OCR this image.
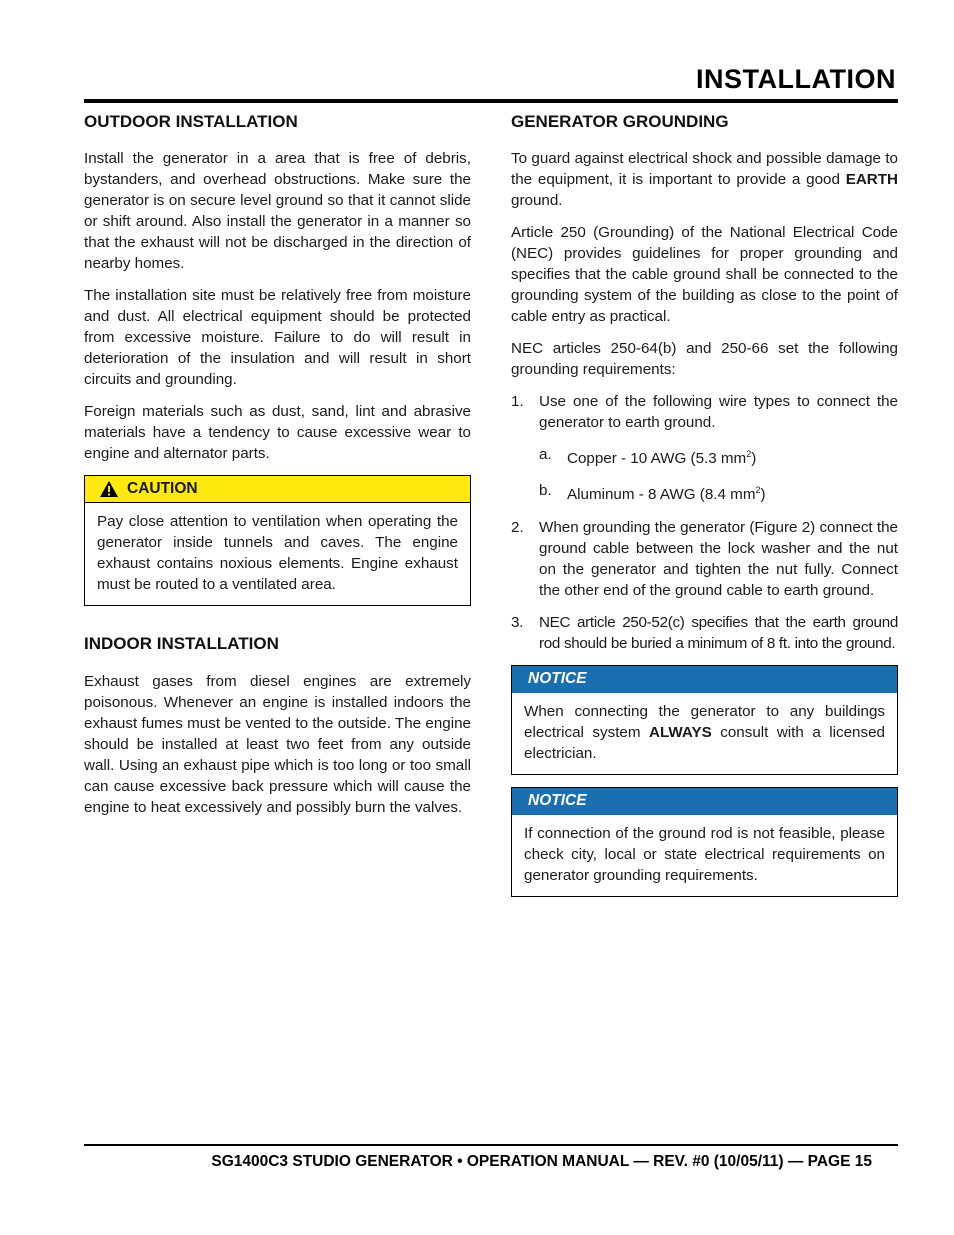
INSTALLATION
OUTDOOR INSTALLATION

Install the generator in a area that is free of debris, bystanders, and overhead obstructions. Make sure the generator is on secure level ground so that it cannot slide or shift around. Also install the generator in a manner so that the exhaust will not be discharged in the direction of nearby homes.

The installation site must be relatively free from moisture and dust. All electrical equipment should be protected from excessive moisture. Failure to do will result in deterioration of the insulation and will result in short circuits and grounding.

Foreign materials such as dust, sand, lint and abrasive materials have a tendency to cause excessive wear to engine and alternator parts.

CAUTION

Pay close attention to ventilation when operating the generator inside tunnels and caves. The engine exhaust contains noxious elements. Engine exhaust must be routed to a ventilated area.

INDOOR INSTALLATION

Exhaust gases from diesel engines are extremely poisonous. Whenever an engine is installed indoors the exhaust fumes must be vented to the outside. The engine should be installed at least two feet from any outside wall. Using an exhaust pipe which is too long or too small can cause excessive back pressure which will cause the engine to heat excessively and possibly burn the valves.

GENERATOR GROUNDING

To guard against electrical shock and possible damage to the equipment, it is important to provide a good EARTH ground.

Article 250 (Grounding) of the National Electrical Code (NEC) provides guidelines for proper grounding and specifies that the cable ground shall be connected to the grounding system of the building as close to the point of cable entry as practical.

NEC articles 250-64(b) and 250-66 set the following grounding requirements:

1. Use one of the following wire types to connect the generator to earth ground.
a. Copper - 10 AWG (5.3 $mm^2$)
b. Aluminum - 8 AWG (8.4 $mm^2$)
2. When grounding the generator (Figure 2) connect the ground cable between the lock washer and the nut on the generator and tighten the nut fully. Connect the other end of the ground cable to earth ground.
3. NEC article 250-52(c) specifies that the earth ground rod should be buried a minimum of 8 ft. into the ground.
NOTICE

When connecting the generator to any buildings electrical system ALWAYS consult with a licensed electrician.

NOTICE

If connection of the ground rod is not feasible, please check city, local or state electrical requirements on generator grounding requirements.

SG1400C3 STUDIO GENERATOR • OPERATION MANUAL — REV. #0 (10/05/11) — PAGE 15
